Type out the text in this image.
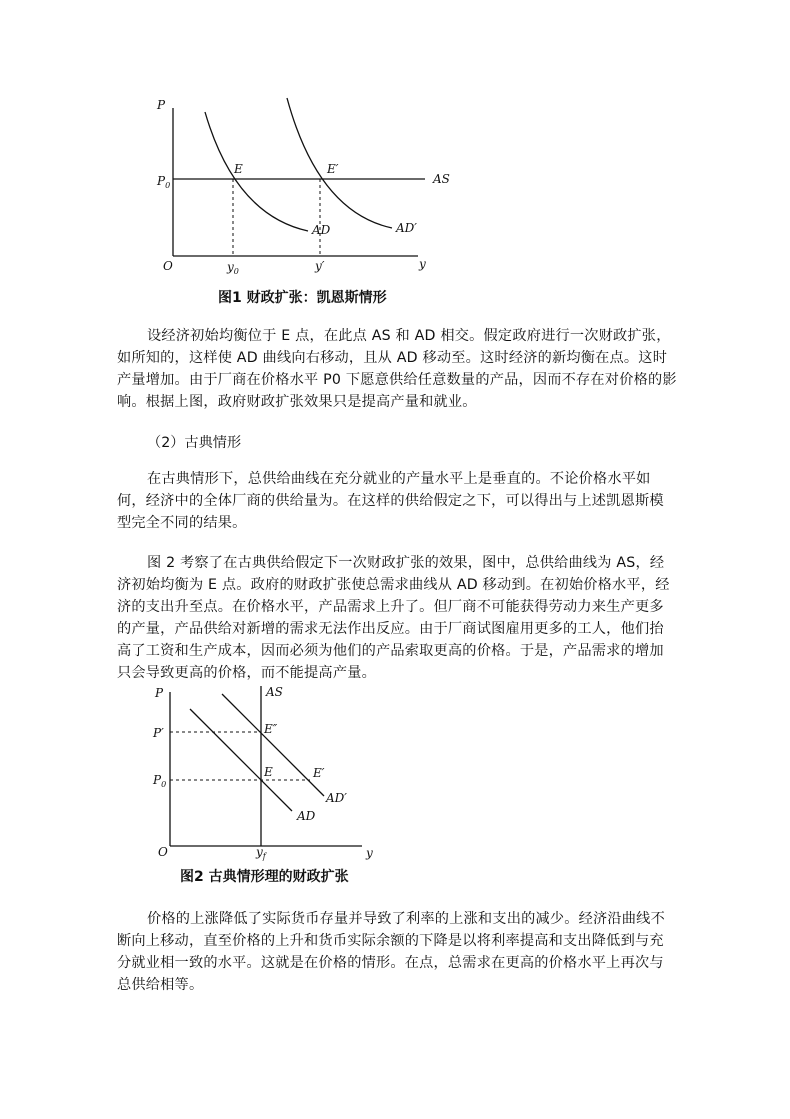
P
$P_0$
O	y
E	E′
AS
AD	AD′
$y_0$	y′

图1 财政扩张：凯恩斯情形

设经济初始均衡位于 E 点，在此点 AS 和 AD 相交。假定政府进行一次财政扩张，如所知的，这样使 AD 曲线向右移动，且从 AD 移动至。这时经济的新均衡在点。这时产量增加。由于厂商在价格水平 P0 下愿意供给任意数量的产品，因而不存在对价格的影响。根据上图，政府财政扩张效果只是提高产量和就业。

（2）古典情形

在古典情形下，总供给曲线在充分就业的产量水平上是垂直的。不论价格水平如何，经济中的全体厂商的供给量为。在这样的供给假定之下，可以得出与上述凯恩斯模型完全不同的结果。

图 2 考察了在古典供给假定下一次财政扩张的效果，图中，总供给曲线为 AS，经济初始均衡为 E 点。政府的财政扩张使总需求曲线从 AD 移动到。在初始价格水平，经济的支出升至点。在价格水平，产品需求上升了。但厂商不可能获得劳动力来生产更多的产量，产品供给对新增的需求无法作出反应。由于厂商试图雇用更多的工人，他们抬高了工资和生产成本，因而必须为他们的产品索取更高的价格。于是，产品需求的增加只会导致更高的价格，而不能提高产量。

P	AS
P′
$P_0$
E″
E	E′
AD′
AD
O	$y_f$	y

图2 古典情形理的财政扩张

价格的上涨降低了实际货币存量并导致了利率的上涨和支出的减少。经济沿曲线不断向上移动，直至价格的上升和货币实际余额的下降是以将利率提高和支出降低到与充分就业相一致的水平。这就是在价格的情形。在点，总需求在更高的价格水平上再次与总供给相等。
